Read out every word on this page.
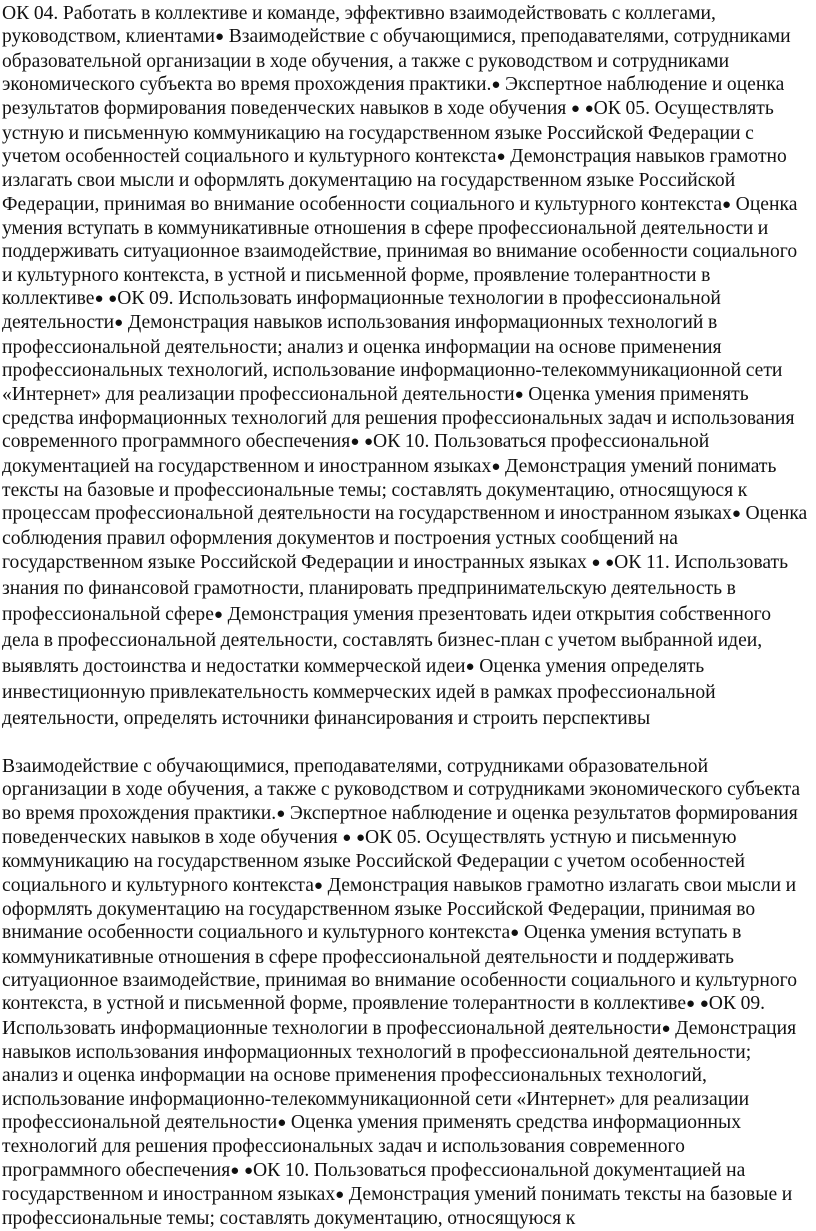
ОК 04. Работать в коллективе и команде, эффективно взаимодействовать с коллегами, руководством, клиентами● Взаимодействие с обучающимися, преподавателями, сотрудниками образовательной организации в ходе обучения, а также с руководством и сотрудниками экономического субъекта во время прохождения практики.● Экспертное наблюдение и оценка результатов формирования поведенческих навыков в ходе обучения ● ●ОК 05. Осуществлять устную и письменную коммуникацию на государственном языке Российской Федерации с учетом особенностей социального и культурного контекста● Демонстрация навыков грамотно излагать свои мысли и оформлять документацию на государственном языке Российской Федерации, принимая во внимание особенности социального и культурного контекста● Оценка умения вступать в коммуникативные отношения в сфере профессиональной деятельности и поддерживать ситуационное взаимодействие, принимая во внимание особенности социального и культурного контекста, в устной и письменной форме, проявление толерантности в коллективе● ●ОК 09. Использовать информационные технологии в профессиональной деятельности● Демонстрация навыков использования информационных технологий в профессиональной деятельности; анализ и оценка информации на основе применения профессиональных технологий, использование информационно-телекоммуникационной сети «Интернет» для реализации профессиональной деятельности● Оценка умения применять средства информационных технологий для решения профессиональных задач и использования современного программного обеспечения● ●ОК 10. Пользоваться профессиональной документацией на государственном и иностранном языках● Демонстрация умений понимать тексты на базовые и профессиональные темы; составлять документацию, относящуюся к процессам профессиональной деятельности на государственном и иностранном языках● Оценка соблюдения правил оформления документов и построения устных сообщений на государственном языке Российской Федерации и иностранных языках ● ●ОК 11. Использовать знания по финансовой грамотности, планировать предпринимательскую деятельность в профессиональной сфере● Демонстрация умения презентовать идеи открытия собственного дела в профессиональной деятельности, составлять бизнес-план с учетом выбранной идеи, выявлять достоинства и недостатки коммерческой идеи● Оценка умения определять инвестиционную привлекательность коммерческих идей в рамках профессиональной деятельности, определять источники финансирования и строить перспективы

Взаимодействие с обучающимися, преподавателями, сотрудниками образовательной организации в ходе обучения, а также с руководством и сотрудниками экономического субъекта во время прохождения практики.● Экспертное наблюдение и оценка результатов формирования поведенческих навыков в ходе обучения ● ●ОК 05. Осуществлять устную и письменную коммуникацию на государственном языке Российской Федерации с учетом особенностей социального и культурного контекста● Демонстрация навыков грамотно излагать свои мысли и оформлять документацию на государственном языке Российской Федерации, принимая во внимание особенности социального и культурного контекста● Оценка умения вступать в коммуникативные отношения в сфере профессиональной деятельности и поддерживать ситуационное взаимодействие, принимая во внимание особенности социального и культурного контекста, в устной и письменной форме, проявление толерантности в коллективе● ●ОК 09. Использовать информационные технологии в профессиональной деятельности● Демонстрация навыков использования информационных технологий в профессиональной деятельности; анализ и оценка информации на основе применения профессиональных технологий, использование информационно-телекоммуникационной сети «Интернет» для реализации профессиональной деятельности● Оценка умения применять средства информационных технологий для решения профессиональных задач и использования современного программного обеспечения● ●ОК 10. Пользоваться профессиональной документацией на государственном и иностранном языках● Демонстрация умений понимать тексты на базовые и профессиональные темы; составлять документацию, относящуюся к
